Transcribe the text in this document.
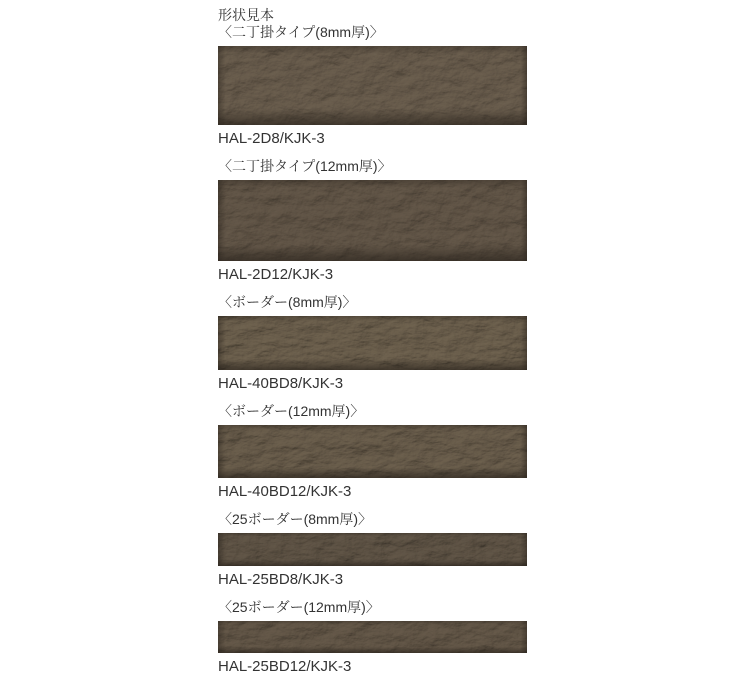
形状見本
〈二丁掛タイプ(8mm厚)〉
HAL-2D8/KJK-3
〈二丁掛タイプ(12mm厚)〉
HAL-2D12/KJK-3
〈ボーダー(8mm厚)〉
HAL-40BD8/KJK-3
〈ボーダー(12mm厚)〉
HAL-40BD12/KJK-3
〈25ボーダー(8mm厚)〉
HAL-25BD8/KJK-3
〈25ボーダー(12mm厚)〉
HAL-25BD12/KJK-3
